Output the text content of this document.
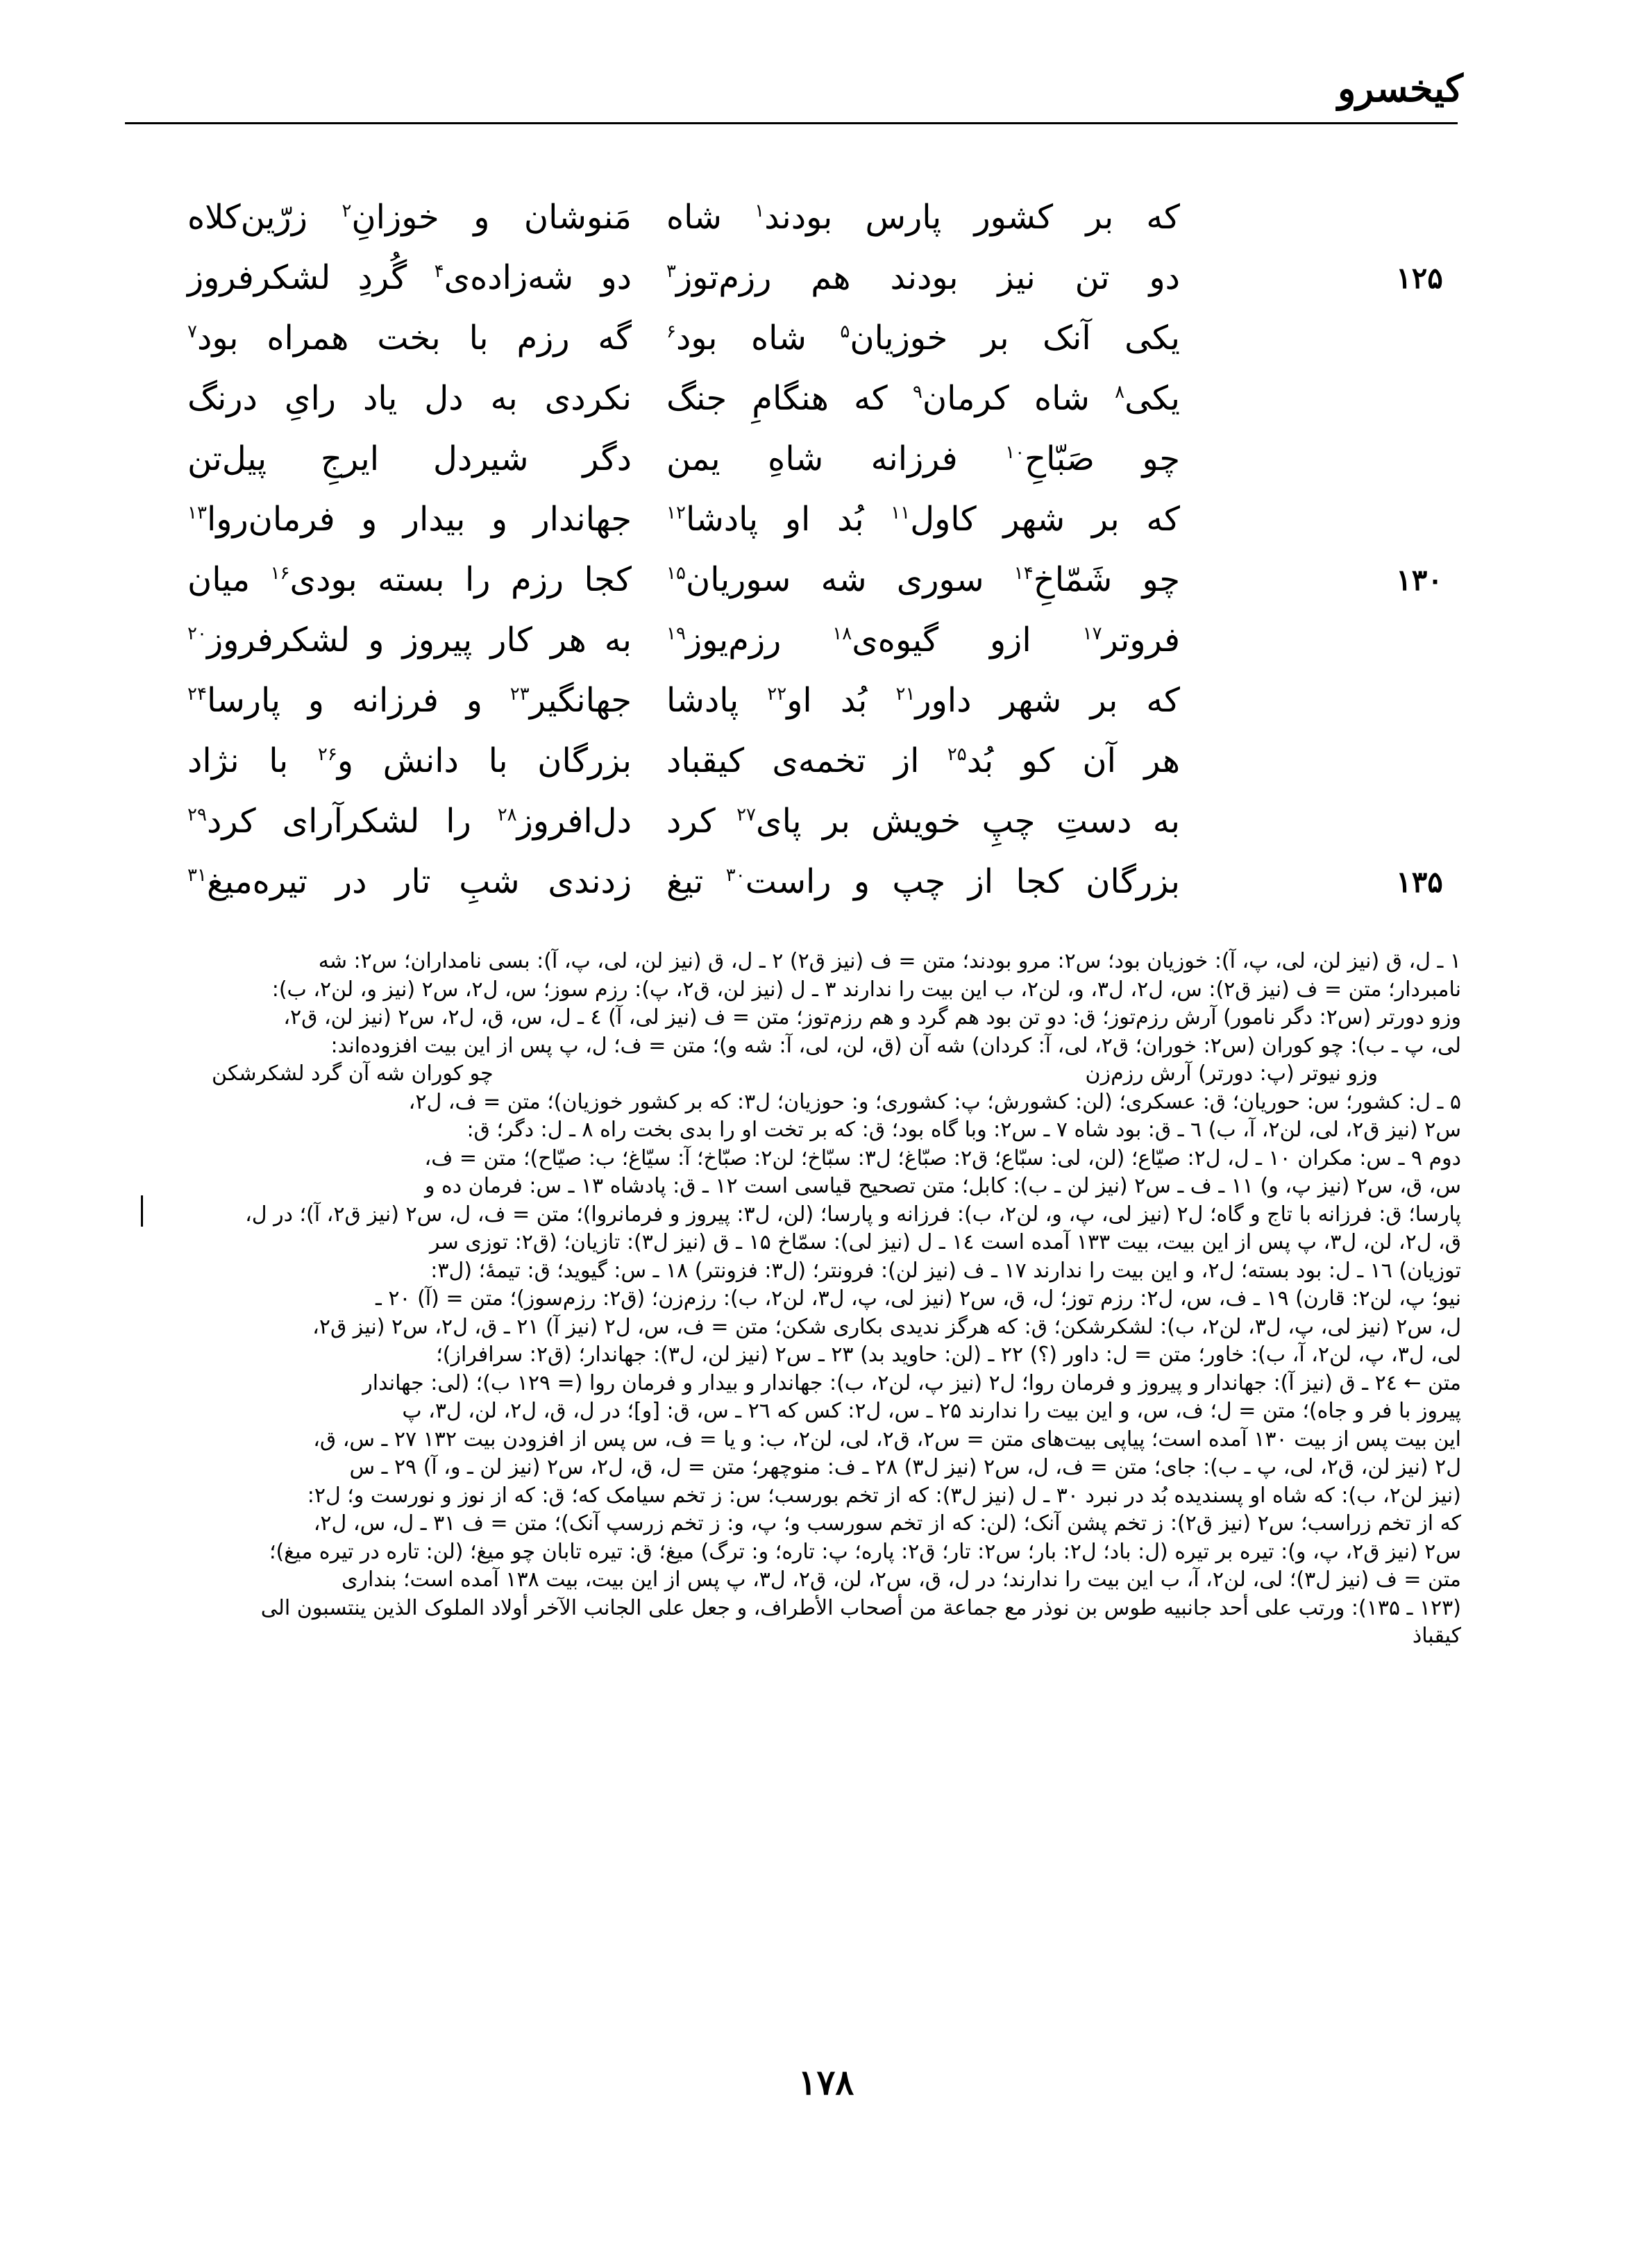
کیخسرو
که بر کشور پارس بودند$^۱$ شاه
مَنوشان و خوزانِ$^۲$ زرّین‌کلاه
۱۲۵
دو تن نیز بودند هم رزم‌توز$^۳$
دو شه‌زاده‌ی$^۴$ گُردِ لشکرفروز
یکی آنک بر خوزیان$^۵$ شاه بود$^۶$
گه رزم با بخت همراه بود$^۷$
یکی$^۸$ شاه کرمان$^۹$ که هنگامِ جنگ
نکردی به دل یاد رایِ درنگ
چو صَبّاحِ$^{۱۰}$ فرزانه شاهِ یمن
دگر شیردل ایرجِ پیل‌تن
که بر شهر کاول$^{۱۱}$ بُد او پادشا$^{۱۲}$
جهاندار و بیدار و فرمان‌روا$^{۱۳}$
۱۳۰
چو شَمّاخِ$^{۱۴}$ سوری شه سوریان$^{۱۵}$
کجا رزم را بسته بودی$^{۱۶}$ میان
فروتر$^{۱۷}$ ازو گیوه‌ی$^{۱۸}$ رزم‌یوز$^{۱۹}$
به هر کار پیروز و لشکرفروز$^{۲۰}$
که بر شهر داور$^{۲۱}$ بُد او$^{۲۲}$ پادشا
جهانگیر$^{۲۳}$ و فرزانه و پارسا$^{۲۴}$
هر آن کو بُد$^{۲۵}$ از تخمه‌ی کیقباد
بزرگان با دانش و$^{۲۶}$ با نژاد
به دستِ چپِ خویش بر پای$^{۲۷}$ کرد
دل‌افروز$^{۲۸}$ را لشکرآرای کرد$^{۲۹}$
۱۳۵
بزرگان کجا از چپ و راست$^{۳۰}$ تیغ
زدندی شبِ تار در تیره‌میغ$^{۳۱}$
۱ ـ ل، ق (نیز لن، لی، پ، آ): خوزیان بود؛ س۲: مرو بودند؛ متن = ف (نیز ق۲) ۲ ـ ل، ق (نیز لن، لی، پ، آ): بسی نامداران؛ س۲: شه
نامبردار؛ متن = ف (نیز ق۲): س، ل۲، ل۳، و، لن۲، ب این بیت را ندارند ۳ ـ ل (نیز لن، ق۲، پ): رزم سوز؛ س، ل۲، س۲ (نیز و، لن۲، ب):
وزو دورتر (س۲: دگر نامور) آرش رزم‌توز؛ ق: دو تن بود هم گرد و هم رزم‌توز؛ متن = ف (نیز لی، آ) ٤ ـ ل، س، ق، ل۲، س۲ (نیز لن، ق۲،
لی، پ ـ ب): چو کوران (س۲: خوران؛ ق۲، لی، آ: کردان) شه آن (ق، لن، لی، آ: شه و)؛ متن = ف؛ ل، پ پس از این بیت افزوده‌اند:
وزو نیوتر (پ: دورتر) آرش رزم‌زن
چو کوران شه آن گرد لشکرشکن
۵ ـ ل: کشور؛ س: حوریان؛ ق: عسکری؛ (لن: کشورش؛ پ: کشوری؛ و: حوزیان؛ ل۳: که بر کشور خوزیان)؛ متن = ف، ل۲،
س۲ (نیز ق۲، لی، لن۲، آ، ب) ٦ ـ ق: بود شاه ۷ ـ س۲: وبا گاه بود؛ ق: که بر تخت او را بدی بخت راه ۸ ـ ل: دگر؛ ق:
دوم ۹ ـ س: مکران ۱۰ ـ ل، ل۲: صیّاع؛ (لن، لی: سبّاع؛ ق۲: صبّاغ؛ ل۳: سبّاخ؛ لن۲: صبّاخ؛ آ: سیّاغ؛ ب: صیّاح)؛ متن = ف،
س، ق، س۲ (نیز پ، و) ۱۱ ـ ف ـ س۲ (نیز لن ـ ب): کابل؛ متن تصحیح قیاسی است ۱۲ ـ ق: پادشاه ۱۳ ـ س: فرمان ده و
پارسا؛ ق: فرزانه با تاج و گاه؛ ل۲ (نیز لی، پ، و، لن۲، ب): فرزانه و پارسا؛ (لن، ل۳: پیروز و فرمانروا)؛ متن = ف، ل، س۲ (نیز ق۲، آ)؛ در ل،
ق، ل۲، لن، ل۳، پ پس از این بیت، بیت ۱۳۳ آمده است ۱٤ ـ ل (نیز لی): سمّاخ ۱۵ ـ ق (نیز ل۳): تازیان؛ (ق۲: توزی سر
توزیان) ۱٦ ـ ل: بود بسته؛ ل۲، و این بیت را ندارند ۱۷ ـ ف (نیز لن): فرونتر؛ (ل۳: فزونتر) ۱۸ ـ س: گیوید؛ ق: تیمهٔ؛ (ل۳:
نیو؛ پ، لن۲: قارن) ۱۹ ـ ف، س، ل۲: رزم توز؛ ل، ق، س۲ (نیز لی، پ، ل۳، لن۲، ب): رزم‌زن؛ (ق۲: رزم‌سوز)؛ متن = (آ) ۲۰ ـ
ل، س۲ (نیز لی، پ، ل۳، لن۲، ب): لشکرشکن؛ ق: که هرگز ندیدی بکاری شکن؛ متن = ف، س، ل۲ (نیز آ) ۲۱ ـ ق، ل۲، س۲ (نیز ق۲،
لی، ل۳، پ، لن۲، آ، ب): خاور؛ متن = ل: داور (؟) ۲۲ ـ (لن: حاوید بد) ۲۳ ـ س۲ (نیز لن، ل۳): جهاندار؛ (ق۲: سرافراز)؛
متن ← ۲٤ ـ ق (نیز آ): جهاندار و پیروز و فرمان روا؛ ل۲ (نیز پ، لن۲، ب): جهاندار و بیدار و فرمان روا (= ۱۲۹ ب)؛ (لی: جهاندار
پیروز با فر و جاه)؛ متن = ل؛ ف، س، و این بیت را ندارند ۲۵ ـ س، ل۲: کس که ۲٦ ـ س، ق: [و]؛ در ل، ق، ل۲، لن، ل۳، پ
این بیت پس از بیت ۱۳۰ آمده است؛ پیاپی بیت‌های متن = س۲، ق۲، لی، لن۲، ب: و یا = ف، س پس از افزودن بیت ۱۳۲ ۲۷ ـ س، ق،
ل۲ (نیز لن، ق۲، لی، پ ـ ب): جای؛ متن = ف، ل، س۲ (نیز ل۳) ۲۸ ـ ف: منوچهر؛ متن = ل، ق، ل۲، س۲ (نیز لن ـ و، آ) ۲۹ ـ س
(نیز لن۲، ب): که شاه او پسندیده بُد در نبرد ۳۰ ـ ل (نیز ل۳): که از تخم بورسب؛ س: ز تخم سیامک که؛ ق: که از نوز و نورست و؛ ل۲:
که از تخم زراسب؛ س۲ (نیز ق۲): ز تخم پشن آنک؛ (لن: که از تخم سورسب و؛ پ، و: ز تخم زرسپ آنک)؛ متن = ف ۳۱ ـ ل، س، ل۲،
س۲ (نیز ق۲، پ، و): تیره بر تیره (ل: باد؛ ل۲: بار؛ س۲: تار؛ ق۲: پاره؛ پ: تاره؛ و: ترگ) میغ؛ ق: تیره تابان چو میغ؛ (لن: تاره در تیره میغ)؛
متن = ف (نیز ل۳)؛ لی، لن۲، آ، ب این بیت را ندارند؛ در ل، ق، س۲، لن، ق۲، ل۳، پ پس از این بیت، بیت ۱۳۸ آمده است؛ بنداری
(۱۲۳ ـ ۱۳۵): ورتب علی أحد جانبیه طوس بن نوذر مع جماعة من أصحاب الأطراف، و جعل علی الجانب الآخر أولاد الملوک الذین ینتسبون الی
کیقباذ
۱۷۸
